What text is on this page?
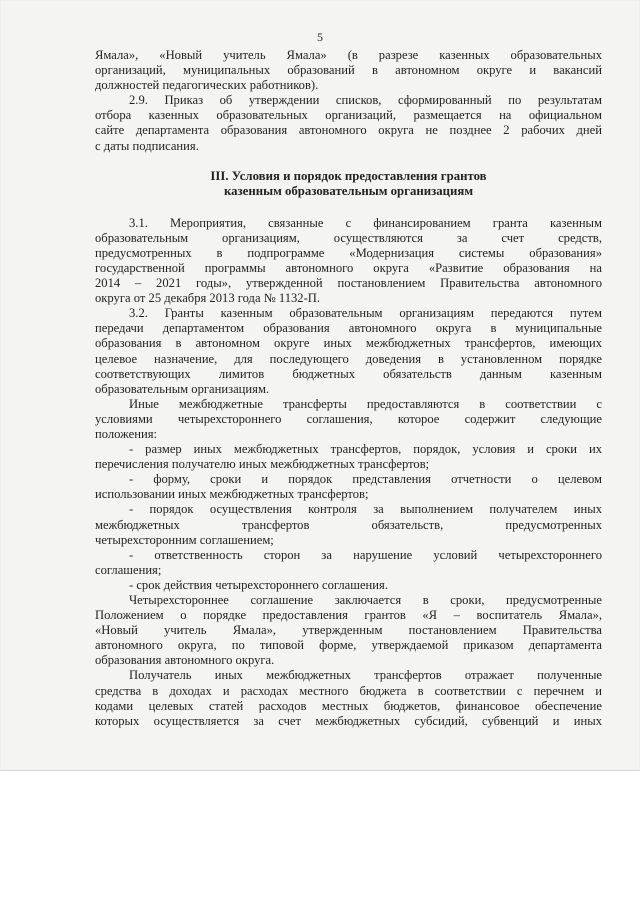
5

Ямала», «Новый учитель Ямала» (в разрезе казенных образовательных

организаций, муниципальных образований в автономном округе и вакансий

должностей педагогических работников).

2.9. Приказ об утверждении списков, сформированный по результатам

отбора казенных образовательных организаций, размещается на официальном

сайте департамента образования автономного округа не позднее 2 рабочих дней

с даты подписания.

III. Условия и порядок предоставления грантов
казенным образовательным организациям

3.1. Мероприятия, связанные с финансированием гранта казенным

образовательным организациям, осуществляются за счет средств,

предусмотренных в подпрограмме «Модернизация системы образования»

государственной программы автономного округа «Развитие образования на

2014 – 2021 годы», утвержденной постановлением Правительства автономного

округа от 25 декабря 2013 года № 1132-П.

3.2. Гранты казенным образовательным организациям передаются путем

передачи департаментом образования автономного округа в муниципальные

образования в автономном округе иных межбюджетных трансфертов, имеющих

целевое назначение, для последующего доведения в установленном порядке

соответствующих лимитов бюджетных обязательств данным казенным

образовательным организациям.

Иные межбюджетные трансферты предоставляются в соответствии с

условиями четырехстороннего соглашения, которое содержит следующие

положения:

- размер иных межбюджетных трансфертов, порядок, условия и сроки их

перечисления получателю иных межбюджетных трансфертов;

- форму, сроки и порядок представления отчетности о целевом

использовании иных межбюджетных трансфертов;

- порядок осуществления контроля за выполнением получателем иных

межбюджетных трансфертов обязательств, предусмотренных

четырехсторонним соглашением;

- ответственность сторон за нарушение условий четырехстороннего

соглашения;

- срок действия четырехстороннего соглашения.

Четырехстороннее соглашение заключается в сроки, предусмотренные

Положением о порядке предоставления грантов «Я – воспитатель Ямала»,

«Новый учитель Ямала», утвержденным постановлением Правительства

автономного округа, по типовой форме, утверждаемой приказом департамента

образования автономного округа.

Получатель иных межбюджетных трансфертов отражает полученные

средства в доходах и расходах местного бюджета в соответствии с перечнем и

кодами целевых статей расходов местных бюджетов, финансовое обеспечение

которых осуществляется за счет межбюджетных субсидий, субвенций и иных
